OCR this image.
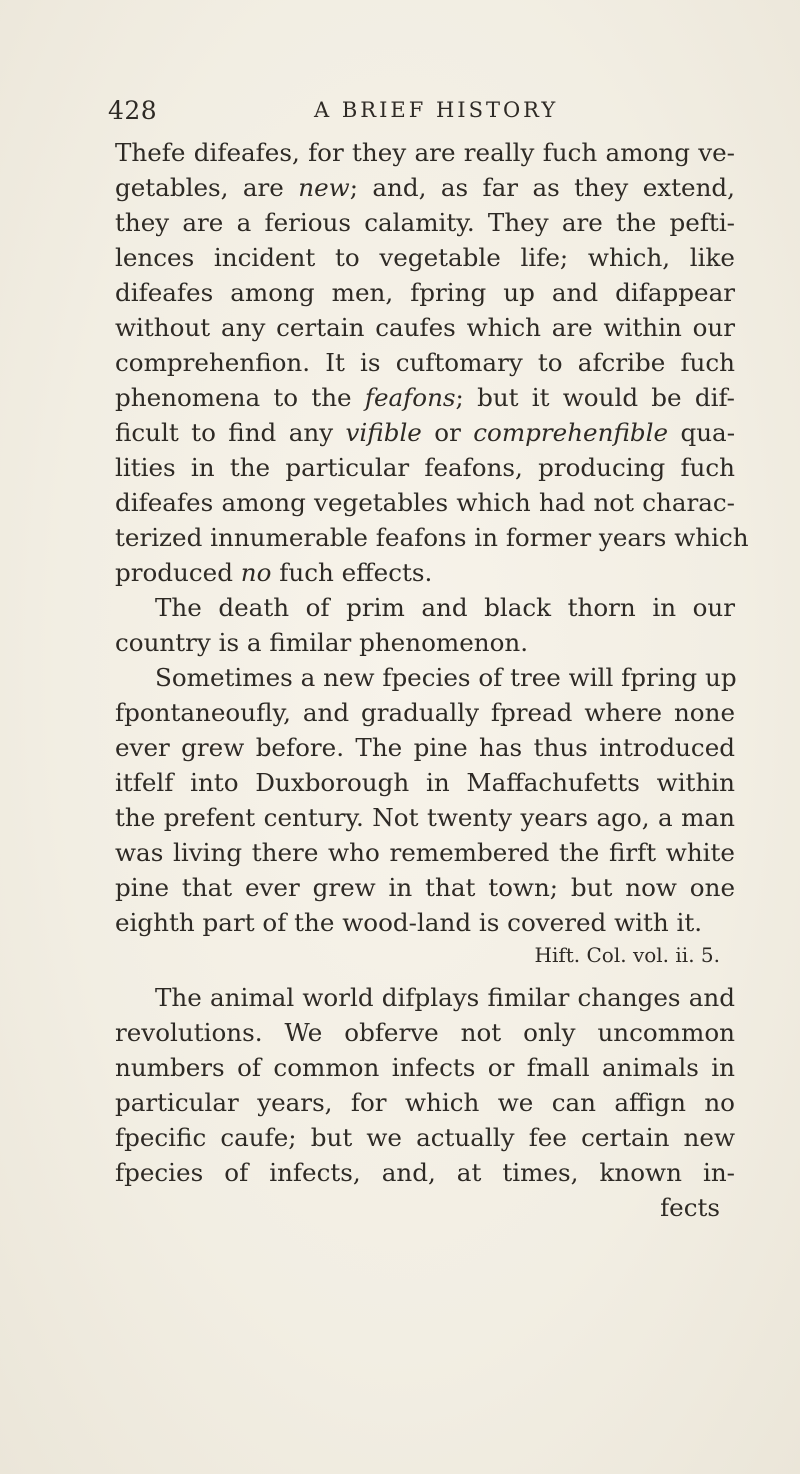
428	A BRIEF HISTORY
Thefe difeafes, for they are really fuch among ve-
getables, are new; and, as far as they extend,
they are a ferious calamity. They are the pefti-
lences incident to vegetable life; which, like
difeafes among men, fpring up and difappear
without any certain caufes which are within our
comprehenfion. It is cuftomary to afcribe fuch
phenomena to the feafons; but it would be dif-
ficult to find any vifible or comprehenfible qua-
lities in the particular feafons, producing fuch
difeafes among vegetables which had not charac-
terized innumerable feafons in former years which
produced no fuch effects.
The death of prim and black thorn in our
country is a fimilar phenomenon.
Sometimes a new fpecies of tree will fpring up
fpontaneoufly, and gradually fpread where none
ever grew before. The pine has thus introduced
itfelf into Duxborough in Maffachufetts within
the prefent century. Not twenty years ago, a man
was living there who remembered the firft white
pine that ever grew in that town; but now one
eighth part of the wood-land is covered with it.
Hift. Col. vol. ii. 5.
The animal world difplays fimilar changes and
revolutions. We obferve not only uncommon
numbers of common infects or fmall animals in
particular years, for which we can affign no
fpecific caufe; but we actually fee certain new
fpecies of infects, and, at times, known in-
fects
